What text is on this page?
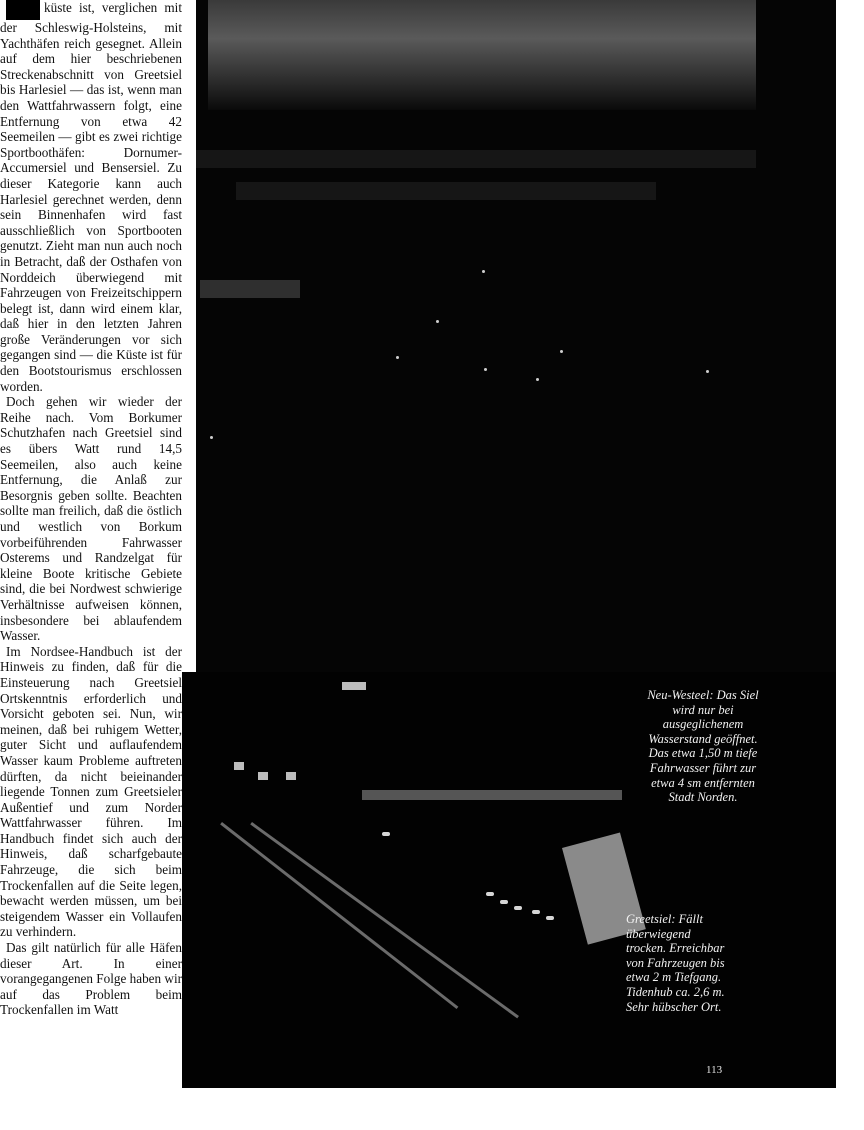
N küste ist, verglichen mit der Schleswig-Holsteins, mit Yachthäfen reich gesegnet. Allein auf dem hier beschriebenen Streckenabschnitt von Greetsiel bis Harlesiel — das ist, wenn man den Wattfahrwassern folgt, eine Entfernung von etwa 42 Seemeilen — gibt es zwei richtige Sportboothäfen: Dornumer-Accumersiel und Bensersiel. Zu dieser Kategorie kann auch Harlesiel gerechnet werden, denn sein Binnenhafen wird fast ausschließlich von Sportbooten genutzt. Zieht man nun auch noch in Betracht, daß der Osthafen von Norddeich überwiegend mit Fahrzeugen von Freizeitschippern belegt ist, dann wird einem klar, daß hier in den letzten Jahren große Veränderungen vor sich gegangen sind — die Küste ist für den Bootstourismus erschlossen worden.

Doch gehen wir wieder der Reihe nach. Vom Borkumer Schutzhafen nach Greetsiel sind es übers Watt rund 14,5 Seemeilen, also auch keine Entfernung, die Anlaß zur Besorgnis geben sollte. Beachten sollte man freilich, daß die östlich und westlich von Borkum vorbeiführenden Fahrwasser Osterems und Randzelgat für kleine Boote kritische Gebiete sind, die bei Nordwest schwierige Verhältnisse aufweisen können, insbesondere bei ablaufendem Wasser.

Im Nordsee-Handbuch ist der Hinweis zu finden, daß für die Einsteuerung nach Greetsiel Ortskenntnis erforderlich und Vorsicht geboten sei. Nun, wir meinen, daß bei ruhigem Wetter, guter Sicht und auflaufendem Wasser kaum Probleme auftreten dürften, da nicht beieinander liegende Tonnen zum Greetsieler Außentief und zum Norder Wattfahrwasser führen. Im Handbuch findet sich auch der Hinweis, daß scharfgebaute Fahrzeuge, die sich beim Trockenfallen auf die Seite legen, bewacht werden müssen, um bei steigendem Wasser ein Vollaufen zu verhindern.

Das gilt natürlich für alle Häfen dieser Art. In einer vorangegangenen Folge haben wir auf das Problem beim Trockenfallen im Watt

Neu-Westeel: Das Siel wird nur bei ausgeglichenem Wasserstand geöffnet. Das etwa 1,50 m tiefe Fahrwasser führt zur etwa 4 sm entfernten Stadt Norden.
Greetsiel: Fällt überwiegend trocken. Erreichbar von Fahrzeugen bis etwa 2 m Tiefgang. Tidenhub ca. 2,6 m. Sehr hübscher Ort.
113
